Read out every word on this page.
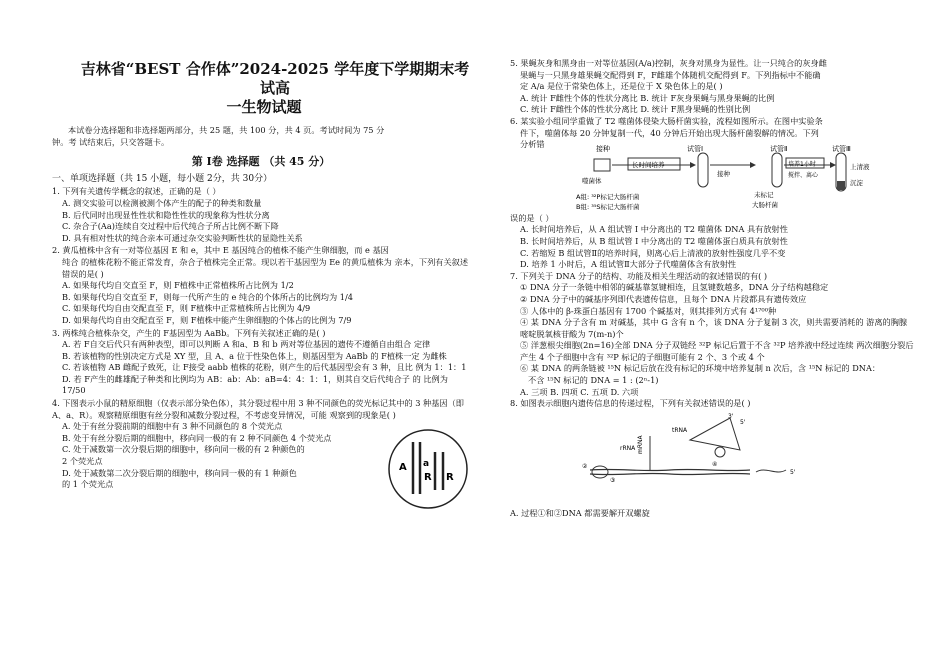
吉林省“BEST 合作体”2024-2025 学年度下学期期末考试高
一生物试题
本试卷分选择题和非选择题两部分，共 25 题，共 100 分，共 4 页。考试时间为 75 分
钟。考 试结束后，只交答题卡。
第 Ⅰ卷 选择题 （共 45 分）
一、单项选择题（共 15 小题，每小题 2分，共 30分）
1. 下列有关遗传学概念的叙述，正确的是（ ）
A. 测交实验可以检测被测个体产生的配子的种类和数量
B. 后代同时出现显性性状和隐性性状的现象称为性状分离
C. 杂合子(Aa)连续自交过程中后代纯合子所占比例不断下降
D. 具有相对性状的纯合亲本可通过杂交实验判断性状的显隐性关系
2. 黄瓜植株中含有一对等位基因 E 和 e，其中 E 基因纯合的植株不能产生卵细胞，而 e 基因
纯合 的植株花粉不能正常发育，杂合子植株完全正常。现以若干基因型为 Ee 的黄瓜植株为 亲本，下列有关叙述错误的是( )
A. 如果每代均自交直至 F，则 F植株中正常植株所占比例为 1/2
B. 如果每代均自交直至 F，则每一代所产生的 e 纯合的个体所占的比例均为 1/4
C. 如果每代均自由交配直至 F，则 F植株中正常植株所占比例为 4/9
D. 如果每代均自由交配直至 F，则 F植株中能产生卵细胞的个体占的比例为 7/9
3. 两株纯合植株杂交，产生的 F基因型为 AaBb。下列有关叙述正确的是( )
A. 若 F自交后代只有两种表型，即可以判断 A 和a、B 和 b 两对等位基因的遗传不遵循自由组合 定律
B. 若该植物的性别决定方式是 XY 型，且 A、a 位于性染色体上，则基因型为 AaBb 的 F植株一定 为雌株
C. 若该植物 AB 雌配子致死，让 F接受 aabb 植株的花粉，则产生的后代基因型会有 3 种，且比 例为 1：1：1
D. 若 F产生的雌雄配子种类和比例均为 AB：ab：Ab：aB=4：4：1：1，则其自交后代纯合子 的 比例为 17/50
4. 下图表示小鼠的精原细胞（仅表示部分染色体），其分裂过程中用 3 种不同颜色的荧光标记其中的 3 种基因（即 A、a、R）。观察精原细胞有丝分裂和减数分裂过程，不考虑变异情况，可能 观察到的现象是( )
A. 处于有丝分裂前期的细胞中有 3 种不同颜色的 8 个荧光点
B. 处于有丝分裂后期的细胞中，移向同一极的有 2 种不同颜色 4 个荧光点
C. 处于减数第一次分裂后期的细胞中，移向同一极的有 2 种颜色的
2 个荧光点
D. 处于减数第二次分裂后期的细胞中，移向同一极的有 1 种颜色
的 1 个荧光点
A a
R R
5. 果蝇灰身和黑身由一对等位基因(A/a)控制，灰身对黑身为显性。让一只纯合的灰身雌
果蝇与一只黑身雄果蝇交配得到 F，F雌雄个体随机交配得到 F。下列指标中不能确
定 A/a 是位于常染色体上，还是位于 X 染色体上的是( )
A. 统计 F雌性个体的性状分离比 B. 统计 F灰身果蝇与黑身果蝇的比例
C. 统计 F雌性个体的性状分离比 D. 统计 F黑身果蝇的性别比例
6. 某实验小组同学重做了 T2 噬菌体侵染大肠杆菌实验，流程如图所示。在图中实验条
件下，噬菌体每 20 分钟复制一代，40 分钟后开始出现大肠杆菌裂解的情况。下列
分析错	接种	试管Ⅰ	试管Ⅱ	试管Ⅲ
噬菌体
长时间培养
接种
培养1小时
搅拌、离心
上清液
沉淀
A组: ³²P标记大肠杆菌
B组: ³⁵S标记大肠杆菌
未标记
大肠杆菌
误的是（ ）
A. 长时间培养后，从 A 组试管 Ⅰ 中分离出的 T2 噬菌体 DNA 具有放射性
B. 长时间培养后，从 B 组试管 Ⅰ 中分离出的 T2 噬菌体蛋白质具有放射性
C. 若缩短 B 组试管Ⅱ的培养时间，则离心后上清液的放射性强度几乎不变
D. 培养 1 小时后，A 组试管Ⅱ大部分子代噬菌体含有放射性
7. 下列关于 DNA 分子的结构、功能及相关生理活动的叙述错误的有( )
① DNA 分子一条链中相邻的碱基靠氢键相连，且氢键数越多，DNA 分子结构越稳定
② DNA 分子中的碱基序列即代表遗传信息，且每个 DNA 片段都具有遗传效应
③ 人体中的 β-珠蛋白基因有 1700 个碱基对，则其排列方式有 4¹⁷⁰⁰种
④ 某 DNA 分子含有 m 对碱基，其中 G 含有 n 个，该 DNA 分子复制 3 次，则共需要消耗的 游离的胸腺嘧啶脱氧核苷酸为 7(m-n)个
⑤ 洋葱根尖细胞(2n=16)全部 DNA 分子双链经 ³²P 标记后置于不含 ³²P 培养液中经过连续 两次细胞分裂后产生 4 个子细胞中含有 ³²P 标记的子细胞可能有 2 个、3 个或 4 个
⑥ 某 DNA 的两条链被 ¹⁵N 标记后放在没有标记的环境中培养复制 n 次后，含 ¹⁵N 标记的 DNA：
不含 ¹⁵N 标记的 DNA = 1 : (2ⁿ-1)
A. 三项 B. 四项 C. 五项 D. 六项
8. 如图表示细胞内遗传信息的传递过程，下列有关叙述错误的是( )
②
③
mRNA
rRNA
tRNA
3'
5'
④
5'
A. 过程①和②DNA 都需要解开双螺旋
